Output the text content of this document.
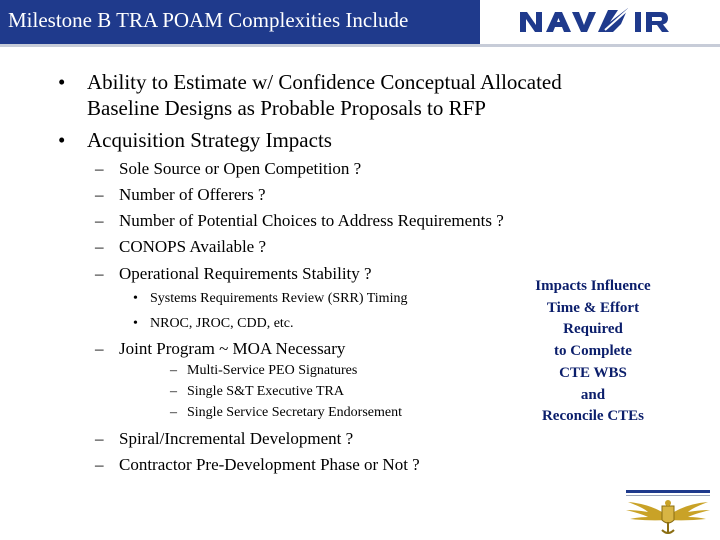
Milestone B TRA POAM Complexities Include
• Ability to Estimate w/ Confidence Conceptual Allocated
Baseline Designs as Probable Proposals to RFP
• Acquisition Strategy Impacts
– Sole Source or Open Competition ?
– Number of Offerers ?
– Number of Potential Choices to Address Requirements ?
– CONOPS Available ?
– Operational Requirements Stability ?
• Systems Requirements Review (SRR) Timing
• NROC, JROC, CDD, etc.
– Joint Program ~ MOA Necessary
– Multi-Service PEO Signatures
– Single S&T Executive TRA
– Single Service Secretary Endorsement
– Spiral/Incremental Development ?
– Contractor Pre-Development Phase or Not ?
Impacts Influence
Time & Effort
Required
to Complete
CTE WBS
and
Reconcile CTEs
